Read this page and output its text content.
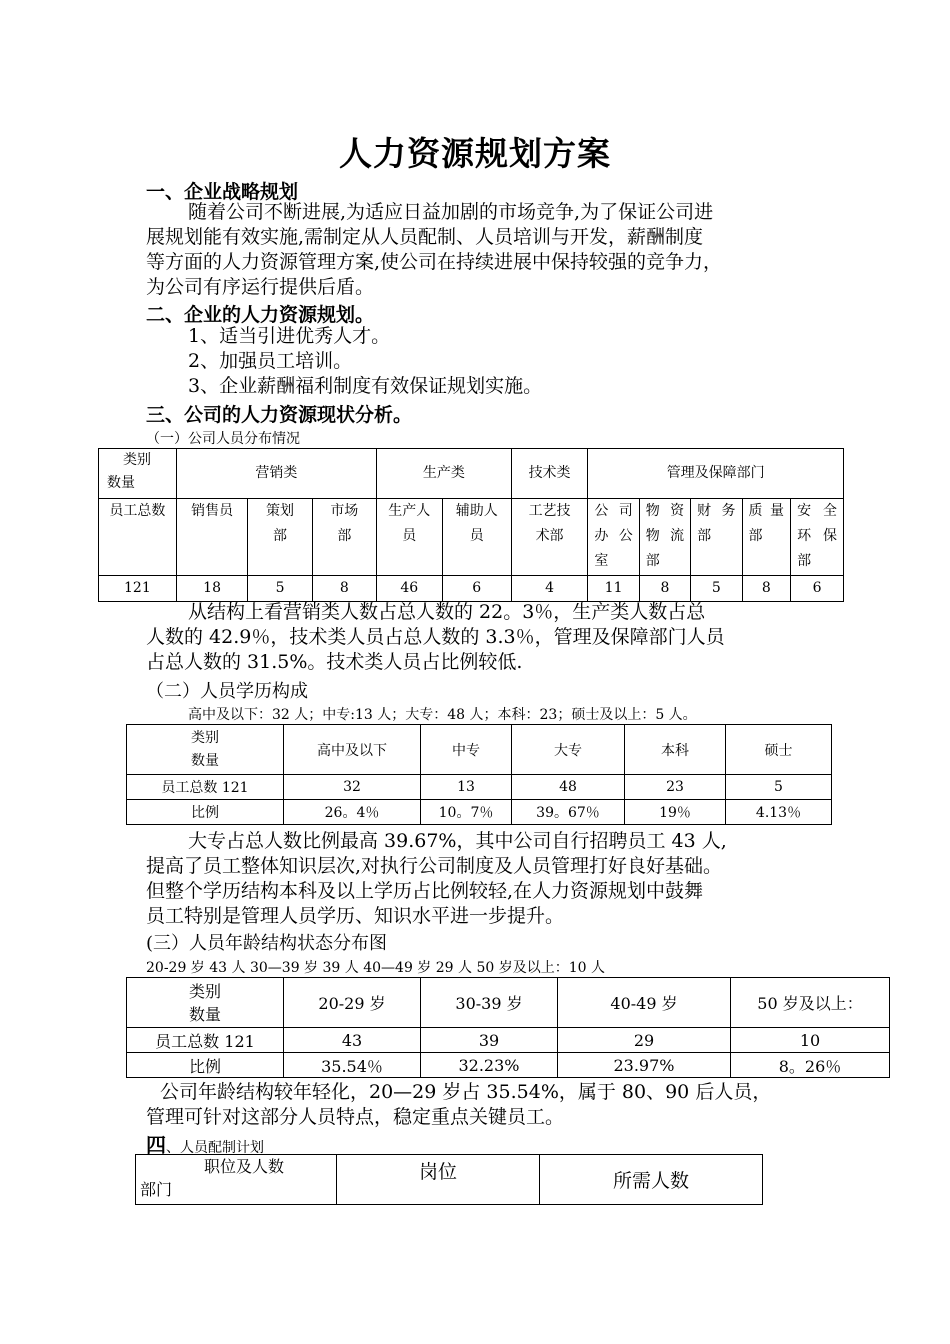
人力资源规划方案
一、企业战略规划
随着公司不断进展,为适应日益加剧的市场竞争,为了保证公司进
展规划能有效实施,需制定从人员配制、人员培训与开发，薪酬制度
等方面的人力资源管理方案,使公司在持续进展中保持较强的竞争力，
为公司有序运行提供后盾。
二、企业的人力资源规划。
1、适当引进优秀人才。
2、加强员工培训。
3、企业薪酬福利制度有效保证规划实施。
三、公司的人力资源现状分析。
（一）公司人员分布情况
类别
数量	营销类			生产类		技术类	管理及保障部门				
员工总数	销售员	策划部	市场部	生产人员	辅助人员	工艺技术部	公司办公室	物资物流部	财务部	质量部	安全环保部
121	18	5	8	46	6	4	11	8	5	8	6
从结构上看营销类人数占总人数的 22。3％，生产类人数占总
人数的 42.9％，技术类人员占总人数的 3.3％，管理及保障部门人员
占总人数的 31.5%。技术类人员占比例较低.
（二）人员学历构成
高中及以下：32 人；中专:13 人；大专：48 人；本科：23；硕士及以上：5 人。
类别
数量	高中及以下	中专	大专	本科	硕士
员工总数 121	32	13	48	23	5
比例	26。4％	10。7％	39。67％	19％	4.13％
大专占总人数比例最高 39.67%，其中公司自行招聘员工 43 人,
提高了员工整体知识层次,对执行公司制度及人员管理打好良好基础。
但整个学历结构本科及以上学历占比例较轻,在人力资源规划中鼓舞
员工特别是管理人员学历、知识水平进一步提升。
(三）人员年龄结构状态分布图
20-29 岁 43 人 30—39 岁 39 人 40—49 岁 29 人 50 岁及以上：10 人
类别
数量	20-29 岁	30-39 岁	40-49 岁	50 岁及以上：
员工总数 121	43	39	29	10
比例	35.54％	32.23%	23.97%	8。26％
公司年龄结构较年轻化，20—29 岁占 35.54%，属于 80、90 后人员，
管理可针对这部分人员特点，稳定重点关键员工。
四、人员配制计划
职位及人数
部门
	岗位	所需人数
